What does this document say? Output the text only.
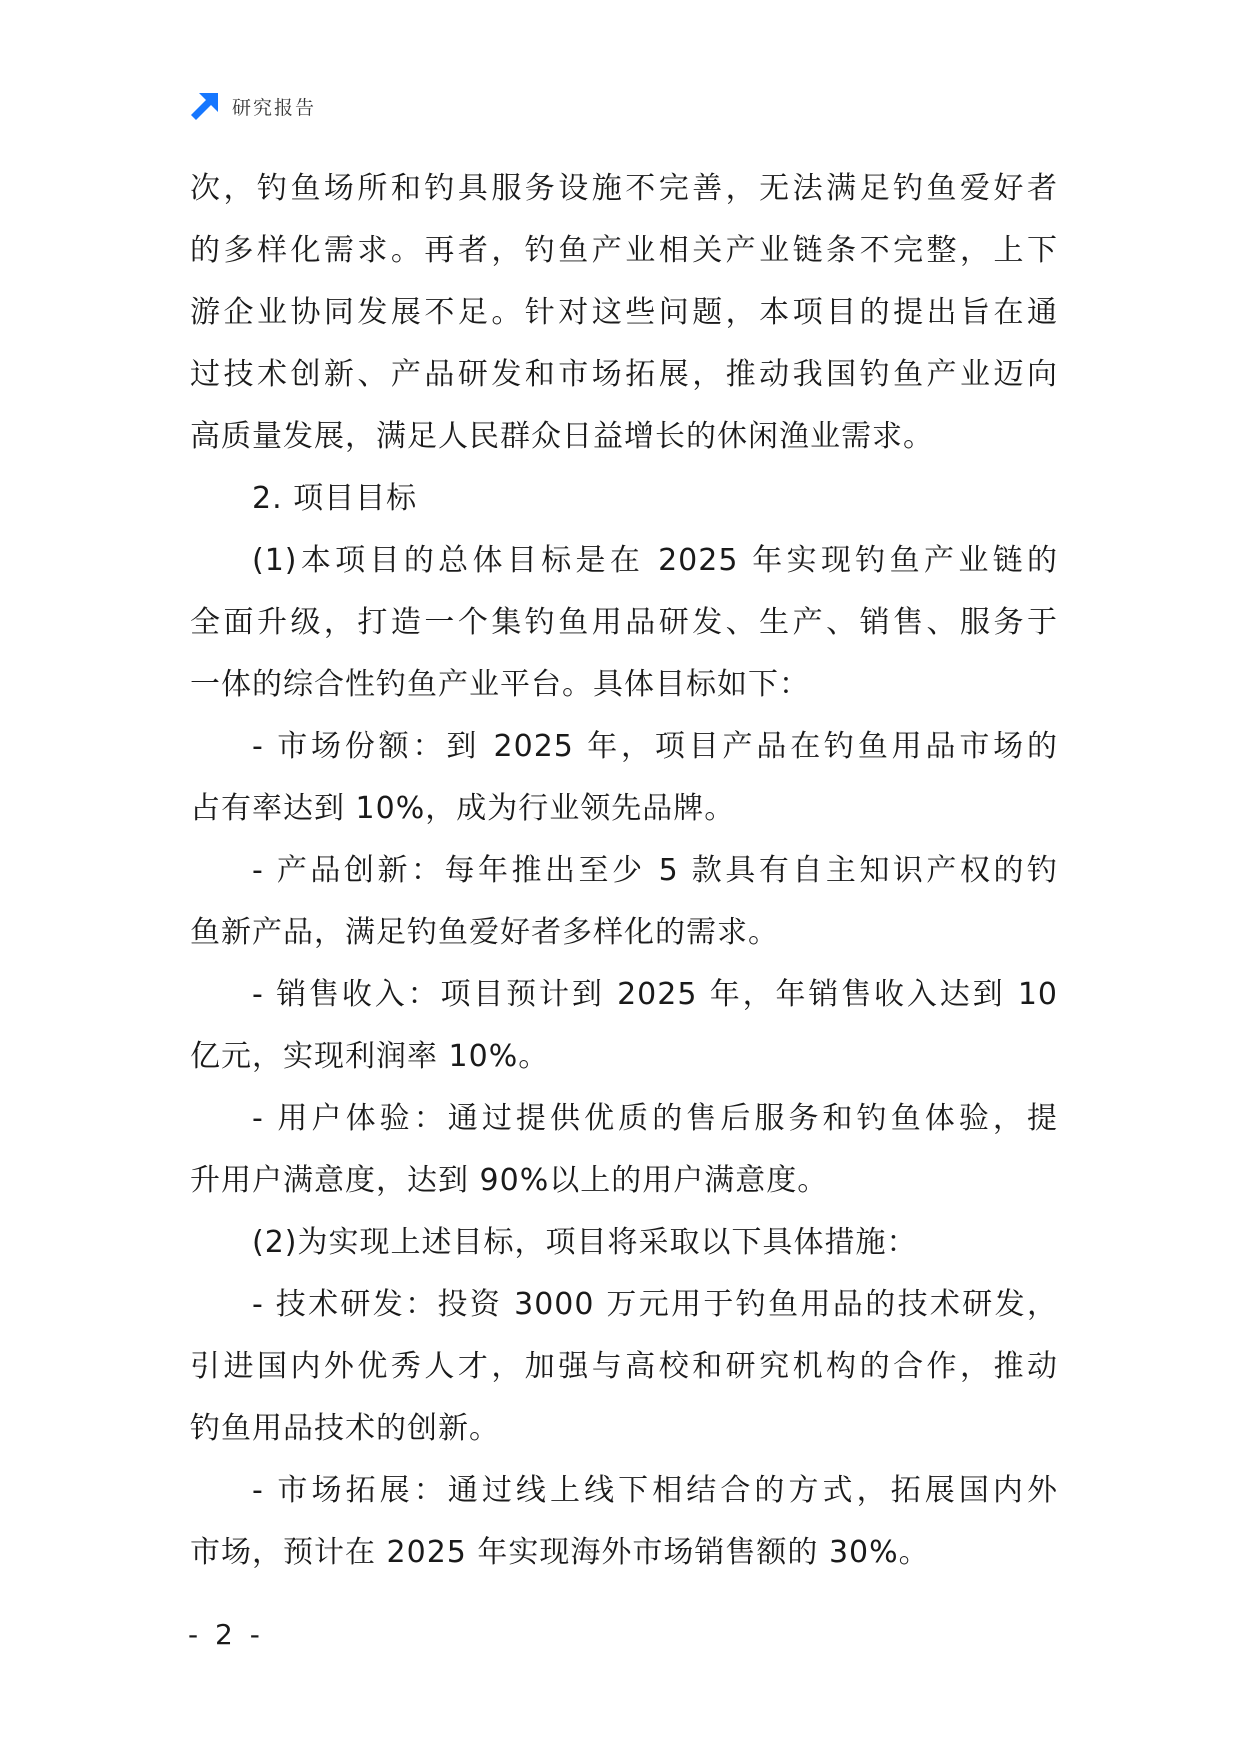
研究报告
次，钓鱼场所和钓具服务设施不完善，无法满足钓鱼爱好者
的多样化需求。再者，钓鱼产业相关产业链条不完整，上下
游企业协同发展不足。针对这些问题，本项目的提出旨在通
过技术创新、产品研发和市场拓展，推动我国钓鱼产业迈向
高质量发展，满足人民群众日益增长的休闲渔业需求。
2. 项目目标
(1)本项目的总体目标是在 2025 年实现钓鱼产业链的
全面升级，打造一个集钓鱼用品研发、生产、销售、服务于
一体的综合性钓鱼产业平台。具体目标如下：
- 市场份额：到 2025 年，项目产品在钓鱼用品市场的
占有率达到 10%，成为行业领先品牌。
- 产品创新：每年推出至少 5 款具有自主知识产权的钓
鱼新产品，满足钓鱼爱好者多样化的需求。
- 销售收入：项目预计到 2025 年，年销售收入达到 10
亿元，实现利润率 10%。
- 用户体验：通过提供优质的售后服务和钓鱼体验，提
升用户满意度，达到 90%以上的用户满意度。
(2)为实现上述目标，项目将采取以下具体措施：
- 技术研发：投资 3000 万元用于钓鱼用品的技术研发，
引进国内外优秀人才，加强与高校和研究机构的合作，推动
钓鱼用品技术的创新。
- 市场拓展：通过线上线下相结合的方式，拓展国内外
市场，预计在 2025 年实现海外市场销售额的 30%。
- 2 -
